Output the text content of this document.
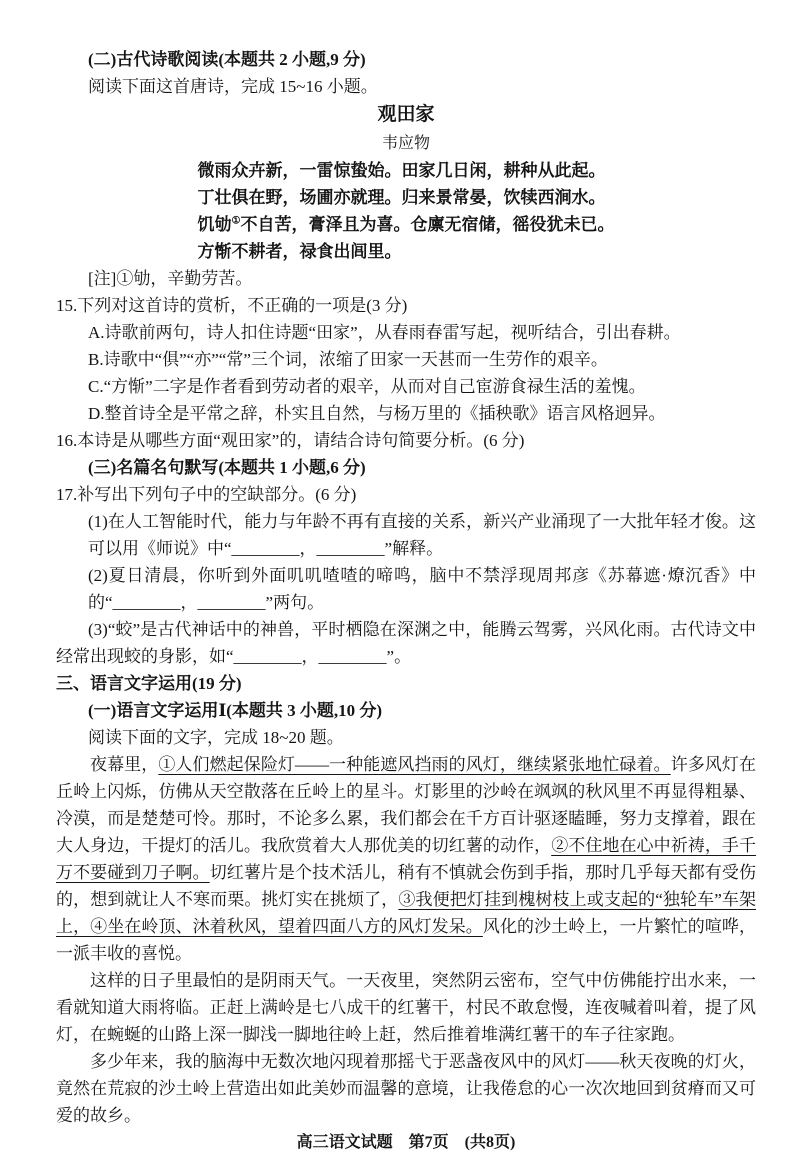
(二)古代诗歌阅读(本题共 2 小题,9 分)

阅读下面这首唐诗，完成 15~16 小题。

观田家

韦应物

微雨众卉新，一雷惊蛰始。田家几日闲，耕种从此起。

丁壮俱在野，场圃亦就理。归来景常晏，饮犊西涧水。

饥劬①不自苦，膏泽且为喜。仓廪无宿储，徭役犹未已。

方惭不耕者，禄食出闾里。

[注]①劬，辛勤劳苦。

15.下列对这首诗的赏析，不正确的一项是(3 分)

A.诗歌前两句，诗人扣住诗题“田家”，从春雨春雷写起，视听结合，引出春耕。

B.诗歌中“俱”“亦”“常”三个词，浓缩了田家一天甚而一生劳作的艰辛。

C.“方惭”二字是作者看到劳动者的艰辛，从而对自己宦游食禄生活的羞愧。

D.整首诗全是平常之辞，朴实且自然，与杨万里的《插秧歌》语言风格迥异。

16.本诗是从哪些方面“观田家”的，请结合诗句简要分析。(6 分)

(三)名篇名句默写(本题共 1 小题,6 分)

17.补写出下列句子中的空缺部分。(6 分)

(1)在人工智能时代，能力与年龄不再有直接的关系，新兴产业涌现了一大批年轻才俊。这可以用《师说》中“________，________”解释。

(2)夏日清晨，你听到外面叽叽喳喳的啼鸣，脑中不禁浮现周邦彦《苏幕遮·燎沉香》中的“________，________”两句。

(3)“蛟”是古代神话中的神兽，平时栖隐在深渊之中，能腾云驾雾，兴风化雨。古代诗文中经常出现蛟的身影，如“________，________”。

三、语言文字运用(19 分)

(一)语言文字运用Ⅰ(本题共 3 小题,10 分)

阅读下面的文字，完成 18~20 题。

夜幕里，①人们燃起保险灯——一种能遮风挡雨的风灯，继续紧张地忙碌着。许多风灯在丘岭上闪烁，仿佛从天空散落在丘岭上的星斗。灯影里的沙岭在飒飒的秋风里不再显得粗暴、冷漠，而是楚楚可怜。那时，不论多么累，我们都会在千方百计驱逐瞌睡，努力支撑着，跟在大人身边，干提灯的活儿。我欣赏着大人那优美的切红薯的动作，②不住地在心中祈祷，手千万不要碰到刀子啊。切红薯片是个技术活儿，稍有不慎就会伤到手指，那时几乎每天都有受伤的，想到就让人不寒而栗。挑灯实在挑烦了，③我便把灯挂到槐树枝上或支起的“独轮车”车架上，④坐在岭顶、沐着秋风，望着四面八方的风灯发呆。风化的沙土岭上，一片繁忙的喧哗，一派丰收的喜悦。

这样的日子里最怕的是阴雨天气。一天夜里，突然阴云密布，空气中仿佛能拧出水来，一看就知道大雨将临。正赶上满岭是七八成干的红薯干，村民不敢怠慢，连夜喊着叫着，提了风灯，在蜿蜒的山路上深一脚浅一脚地往岭上赶，然后推着堆满红薯干的车子往家跑。

多少年来，我的脑海中无数次地闪现着那摇弋于恶盏夜风中的风灯——秋天夜晚的灯火，竟然在荒寂的沙土岭上营造出如此美妙而温馨的意境，让我倦怠的心一次次地回到贫瘠而又可爱的故乡。

高三语文试题 第7页 (共8页)
